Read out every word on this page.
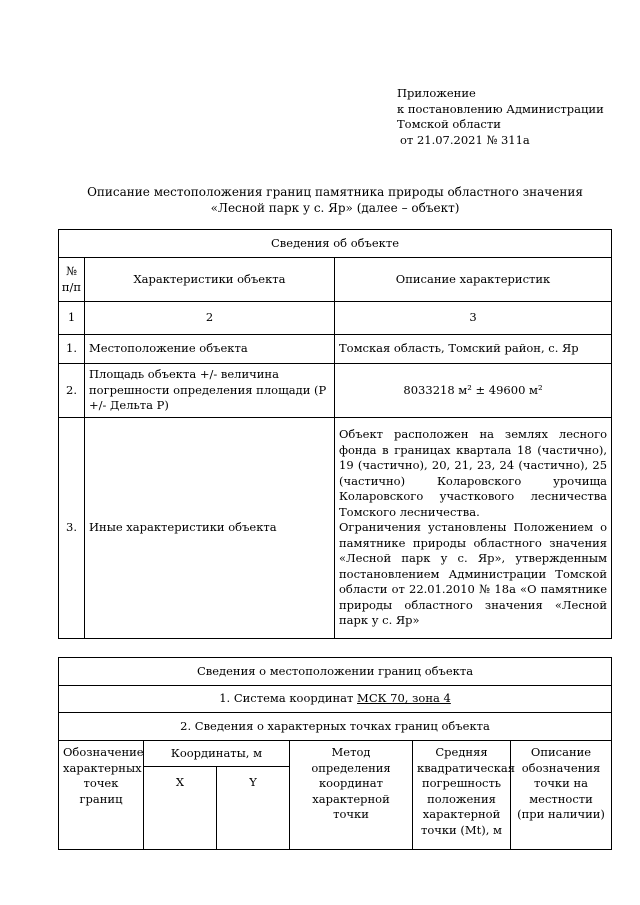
Приложение
к постановлению Администрации
Томской области
от 21.07.2021 № 311а
Описание местоположения границ памятника природы областного значения
«Лесной парк у с. Яр» (далее – объект)
Сведения об объекте		
№ п/п	Характеристики объекта	Описание характеристик
1	2	3
1.	Местоположение объекта	Томская область, Томский район, с. Яр
2.	Площадь объекта +/- величина погрешности определения площади (Р +/- Дельта Р)	8033218 м² ± 49600 м²
3.	Иные характеристики объекта	Объект расположен на землях лесного фонда в границах квартала 18 (частично), 19 (частично), 20, 21, 23, 24 (частично), 25 (частично) Коларовского урочища Коларовского участкового лесничества Томского лесничества.
Ограничения установлены Положением о памятнике природы областного значения «Лесной парк у с. Яр», утвержденным постановлением Администрации Томской области от 22.01.2010 № 18а «О памятнике природы областного значения «Лесной парк у с. Яр»
Сведения о местоположении границ объекта					
1. Система координат МСК 70, зона 4					
2. Сведения о характерных точках границ объекта					
Обозначение характерных точек границ	Координаты, м		Метод определения координат характерной точки	Средняя квадратическая погрешность положения характерной точки (Mt), м	Описание обозначения точки на местности (при наличии)
	X	Y			
